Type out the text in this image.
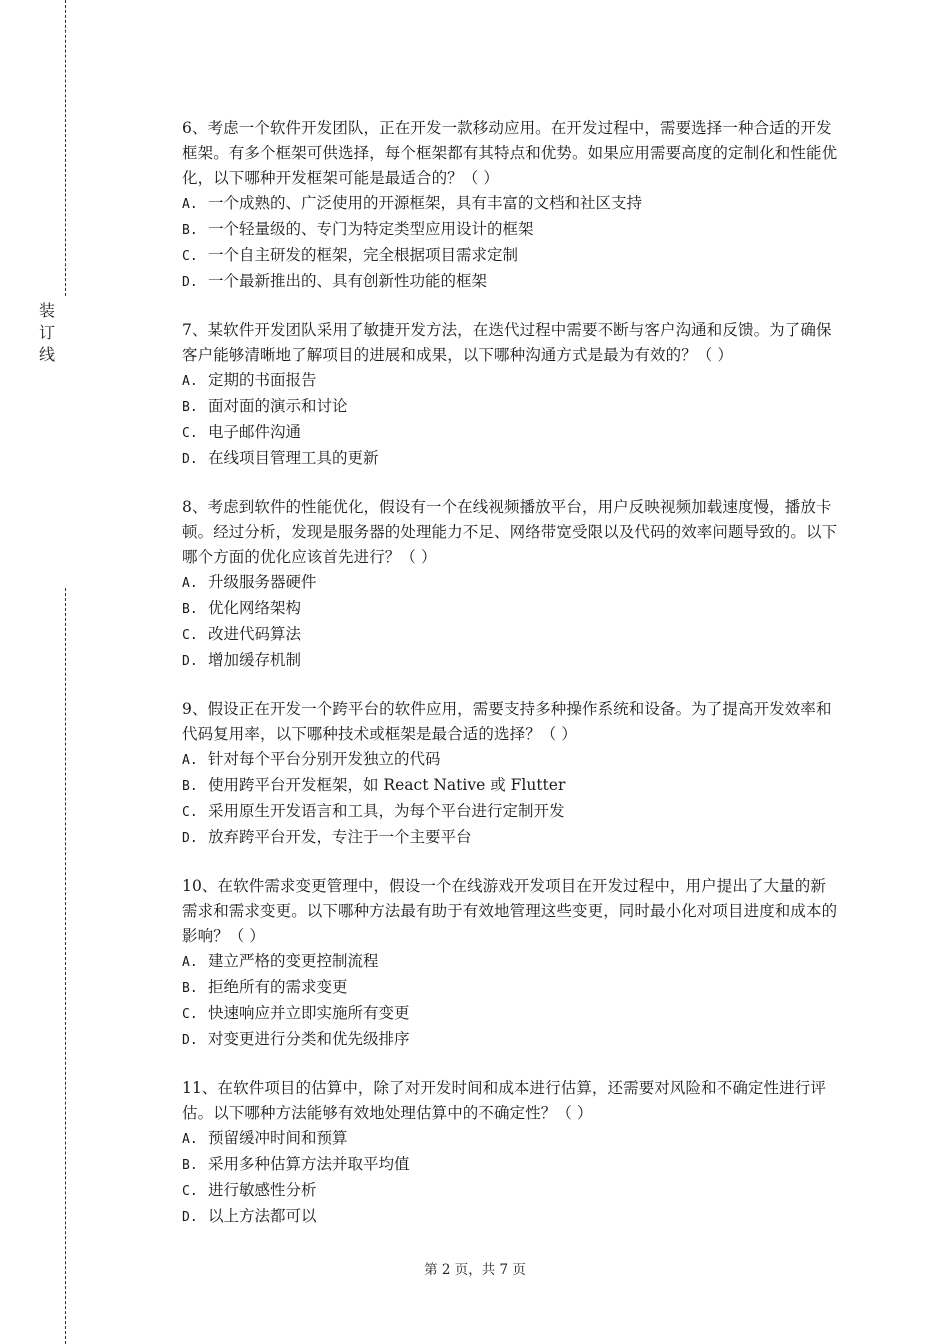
装
订
线

6、考虑一个软件开发团队，正在开发一款移动应用。在开发过程中，需要选择一种合适的开发框架。有多个框架可供选择，每个框架都有其特点和优势。如果应用需要高度的定制化和性能优化，以下哪种开发框架可能是最适合的？（ ）

A. 一个成熟的、广泛使用的开源框架，具有丰富的文档和社区支持

B. 一个轻量级的、专门为特定类型应用设计的框架

C. 一个自主研发的框架，完全根据项目需求定制

D. 一个最新推出的、具有创新性功能的框架

7、某软件开发团队采用了敏捷开发方法，在迭代过程中需要不断与客户沟通和反馈。为了确保客户能够清晰地了解项目的进展和成果，以下哪种沟通方式是最为有效的？（ ）

A. 定期的书面报告

B. 面对面的演示和讨论

C. 电子邮件沟通

D. 在线项目管理工具的更新

8、考虑到软件的性能优化，假设有一个在线视频播放平台，用户反映视频加载速度慢，播放卡顿。经过分析，发现是服务器的处理能力不足、网络带宽受限以及代码的效率问题导致的。以下哪个方面的优化应该首先进行？（ ）

A. 升级服务器硬件

B. 优化网络架构

C. 改进代码算法

D. 增加缓存机制

9、假设正在开发一个跨平台的软件应用，需要支持多种操作系统和设备。为了提高开发效率和代码复用率，以下哪种技术或框架是最合适的选择？（ ）

A. 针对每个平台分别开发独立的代码

B. 使用跨平台开发框架，如 React Native 或 Flutter

C. 采用原生开发语言和工具，为每个平台进行定制开发

D. 放弃跨平台开发，专注于一个主要平台

10、在软件需求变更管理中，假设一个在线游戏开发项目在开发过程中，用户提出了大量的新需求和需求变更。以下哪种方法最有助于有效地管理这些变更，同时最小化对项目进度和成本的影响？（ ）

A. 建立严格的变更控制流程

B. 拒绝所有的需求变更

C. 快速响应并立即实施所有变更

D. 对变更进行分类和优先级排序

11、在软件项目的估算中，除了对开发时间和成本进行估算，还需要对风险和不确定性进行评估。以下哪种方法能够有效地处理估算中的不确定性？（ ）

A. 预留缓冲时间和预算

B. 采用多种估算方法并取平均值

C. 进行敏感性分析

D. 以上方法都可以

第 2 页，共 7 页
